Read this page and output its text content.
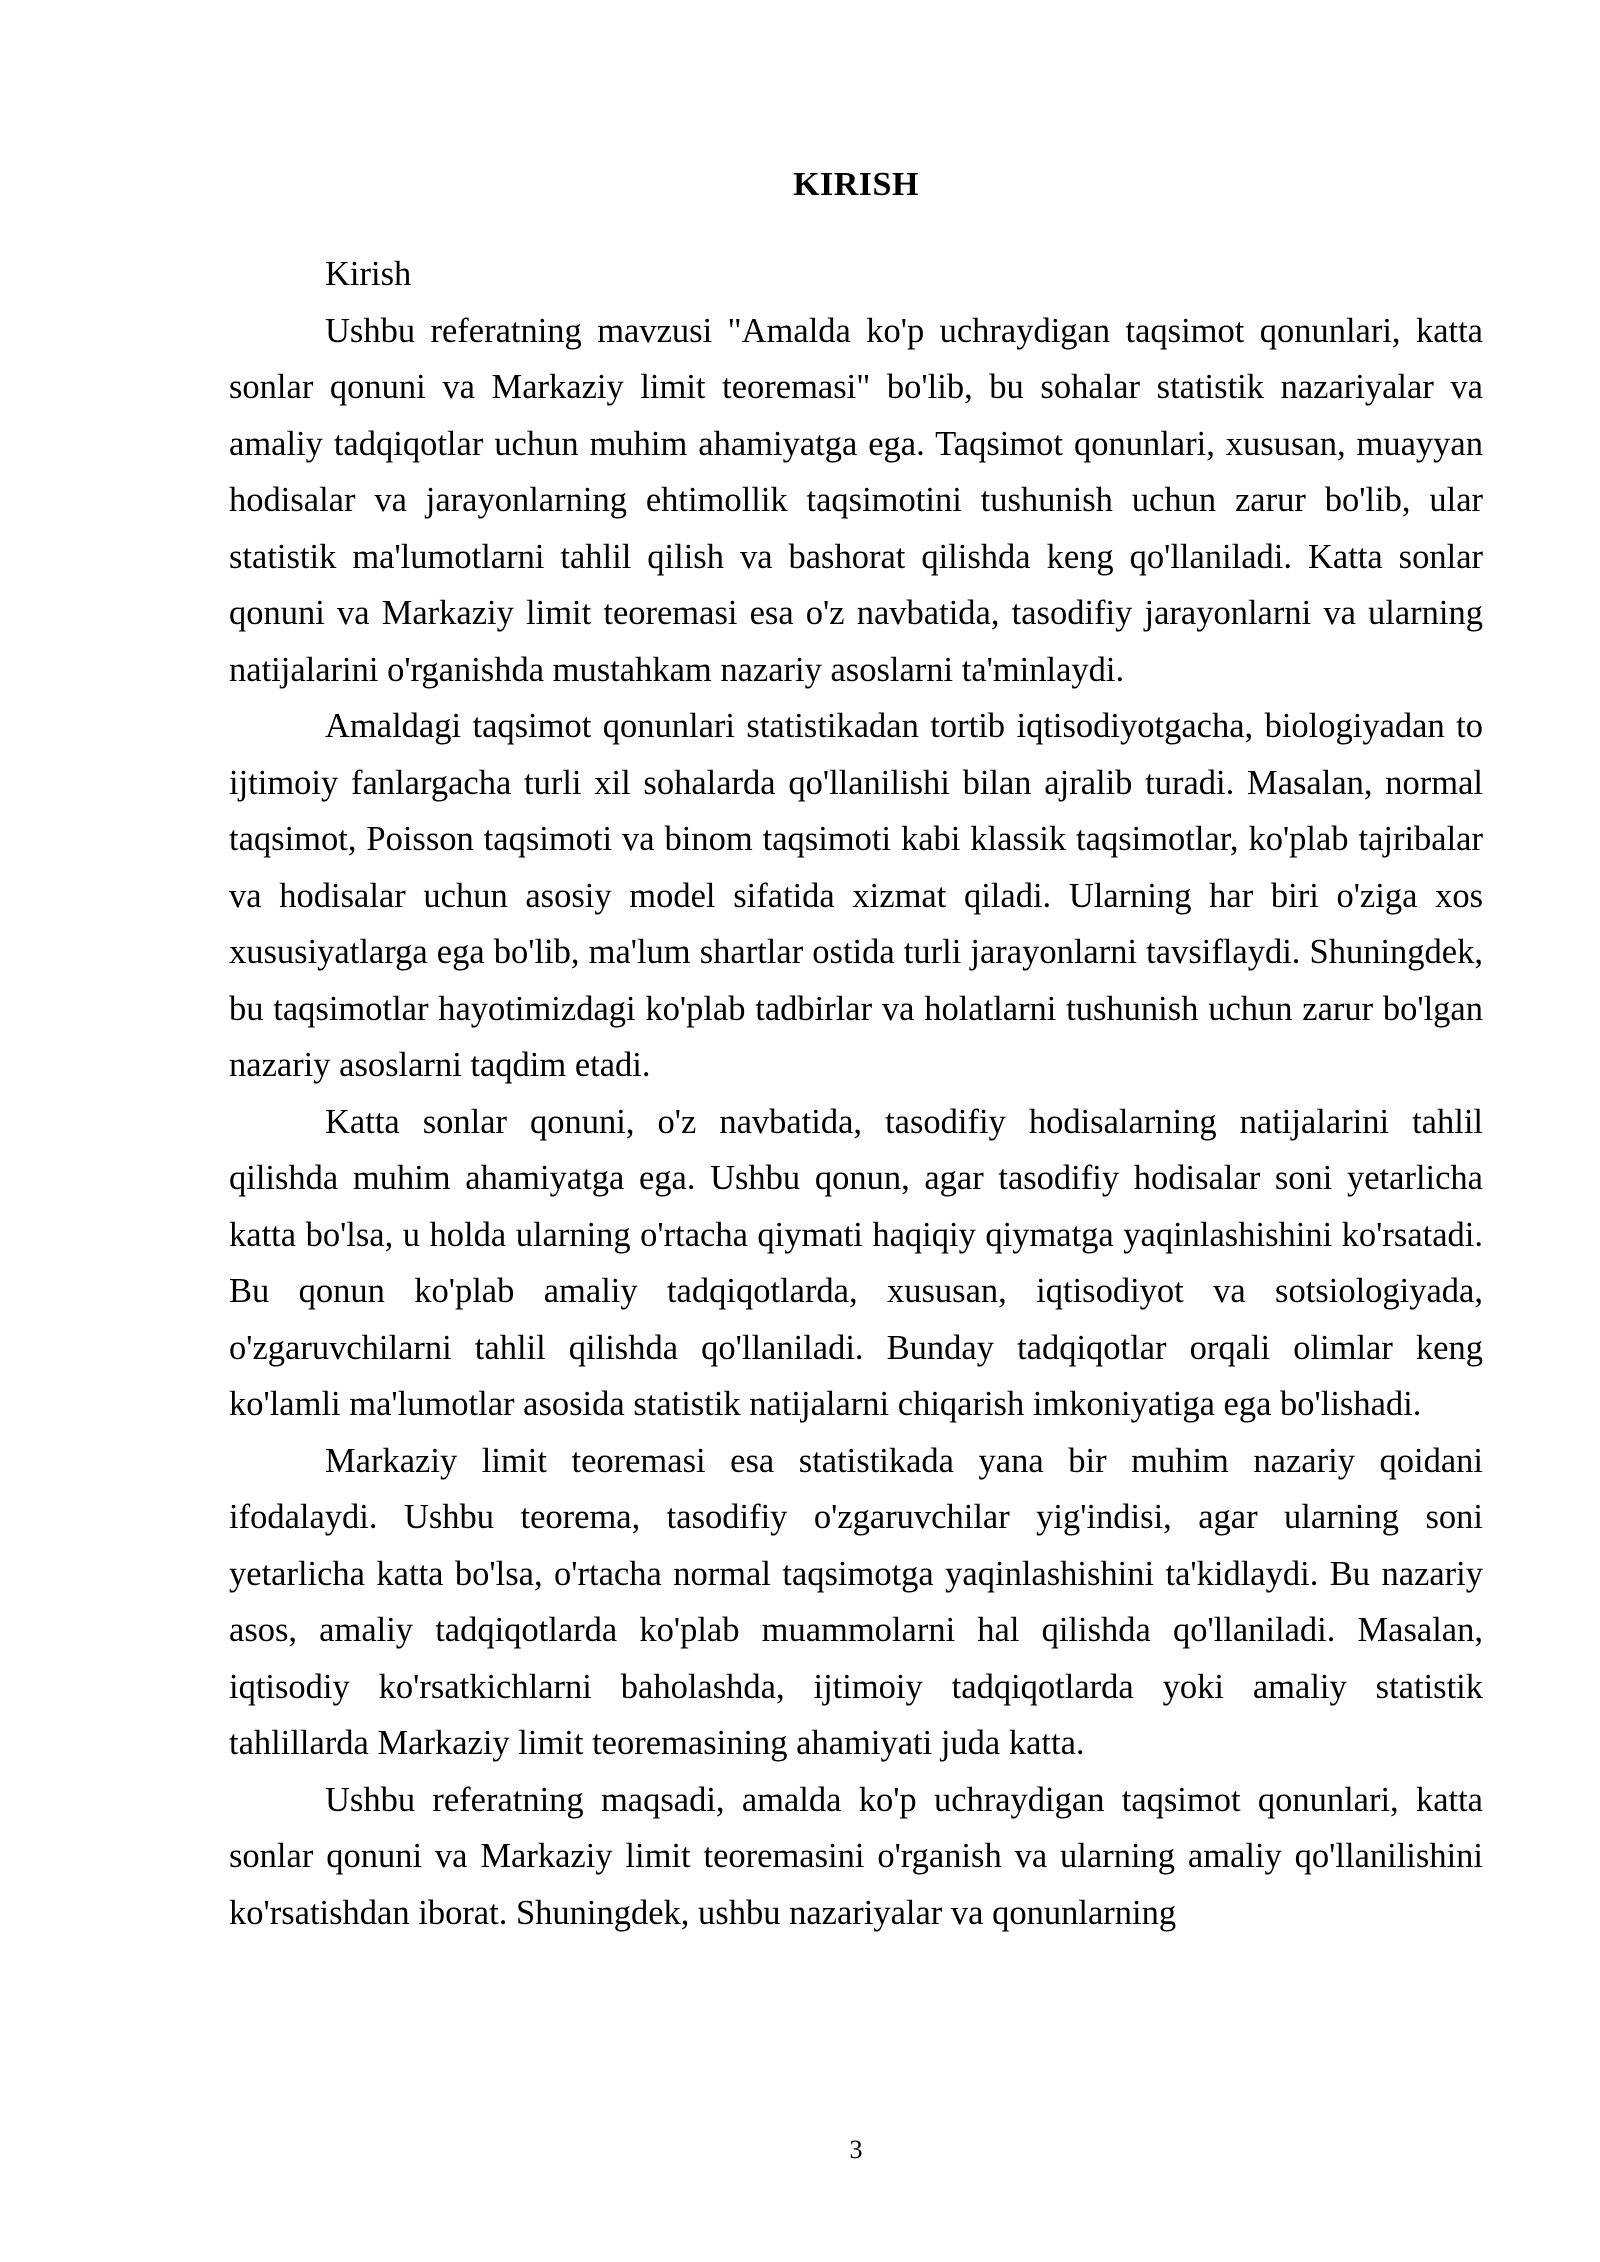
KIRISH

Kirish

Ushbu referatning mavzusi "Amalda ko'p uchraydigan taqsimot qonunlari, katta sonlar qonuni va Markaziy limit teoremasi" bo'lib, bu sohalar statistik nazariyalar va amaliy tadqiqotlar uchun muhim ahamiyatga ega. Taqsimot qonunlari, xususan, muayyan hodisalar va jarayonlarning ehtimollik taqsimotini tushunish uchun zarur bo'lib, ular statistik ma'lumotlarni tahlil qilish va bashorat qilishda keng qo'llaniladi. Katta sonlar qonuni va Markaziy limit teoremasi esa o'z navbatida, tasodifiy jarayonlarni va ularning natijalarini o'rganishda mustahkam nazariy asoslarni ta'minlaydi.

Amaldagi taqsimot qonunlari statistikadan tortib iqtisodiyotgacha, biologiyadan to ijtimoiy fanlargacha turli xil sohalarda qo'llanilishi bilan ajralib turadi. Masalan, normal taqsimot, Poisson taqsimoti va binom taqsimoti kabi klassik taqsimotlar, ko'plab tajribalar va hodisalar uchun asosiy model sifatida xizmat qiladi. Ularning har biri o'ziga xos xususiyatlarga ega bo'lib, ma'lum shartlar ostida turli jarayonlarni tavsiflaydi. Shuningdek, bu taqsimotlar hayotimizdagi ko'plab tadbirlar va holatlarni tushunish uchun zarur bo'lgan nazariy asoslarni taqdim etadi.

Katta sonlar qonuni, o'z navbatida, tasodifiy hodisalarning natijalarini tahlil qilishda muhim ahamiyatga ega. Ushbu qonun, agar tasodifiy hodisalar soni yetarlicha katta bo'lsa, u holda ularning o'rtacha qiymati haqiqiy qiymatga yaqinlashishini ko'rsatadi. Bu qonun ko'plab amaliy tadqiqotlarda, xususan, iqtisodiyot va sotsiologiyada, o'zgaruvchilarni tahlil qilishda qo'llaniladi. Bunday tadqiqotlar orqali olimlar keng ko'lamli ma'lumotlar asosida statistik natijalarni chiqarish imkoniyatiga ega bo'lishadi.

Markaziy limit teoremasi esa statistikada yana bir muhim nazariy qoidani ifodalaydi. Ushbu teorema, tasodifiy o'zgaruvchilar yig'indisi, agar ularning soni yetarlicha katta bo'lsa, o'rtacha normal taqsimotga yaqinlashishini ta'kidlaydi. Bu nazariy asos, amaliy tadqiqotlarda ko'plab muammolarni hal qilishda qo'llaniladi. Masalan, iqtisodiy ko'rsatkichlarni baholashda, ijtimoiy tadqiqotlarda yoki amaliy statistik tahlillarda Markaziy limit teoremasining ahamiyati juda katta.

Ushbu referatning maqsadi, amalda ko'p uchraydigan taqsimot qonunlari, katta sonlar qonuni va Markaziy limit teoremasini o'rganish va ularning amaliy qo'llanilishini ko'rsatishdan iborat. Shuningdek, ushbu nazariyalar va qonunlarning

3
